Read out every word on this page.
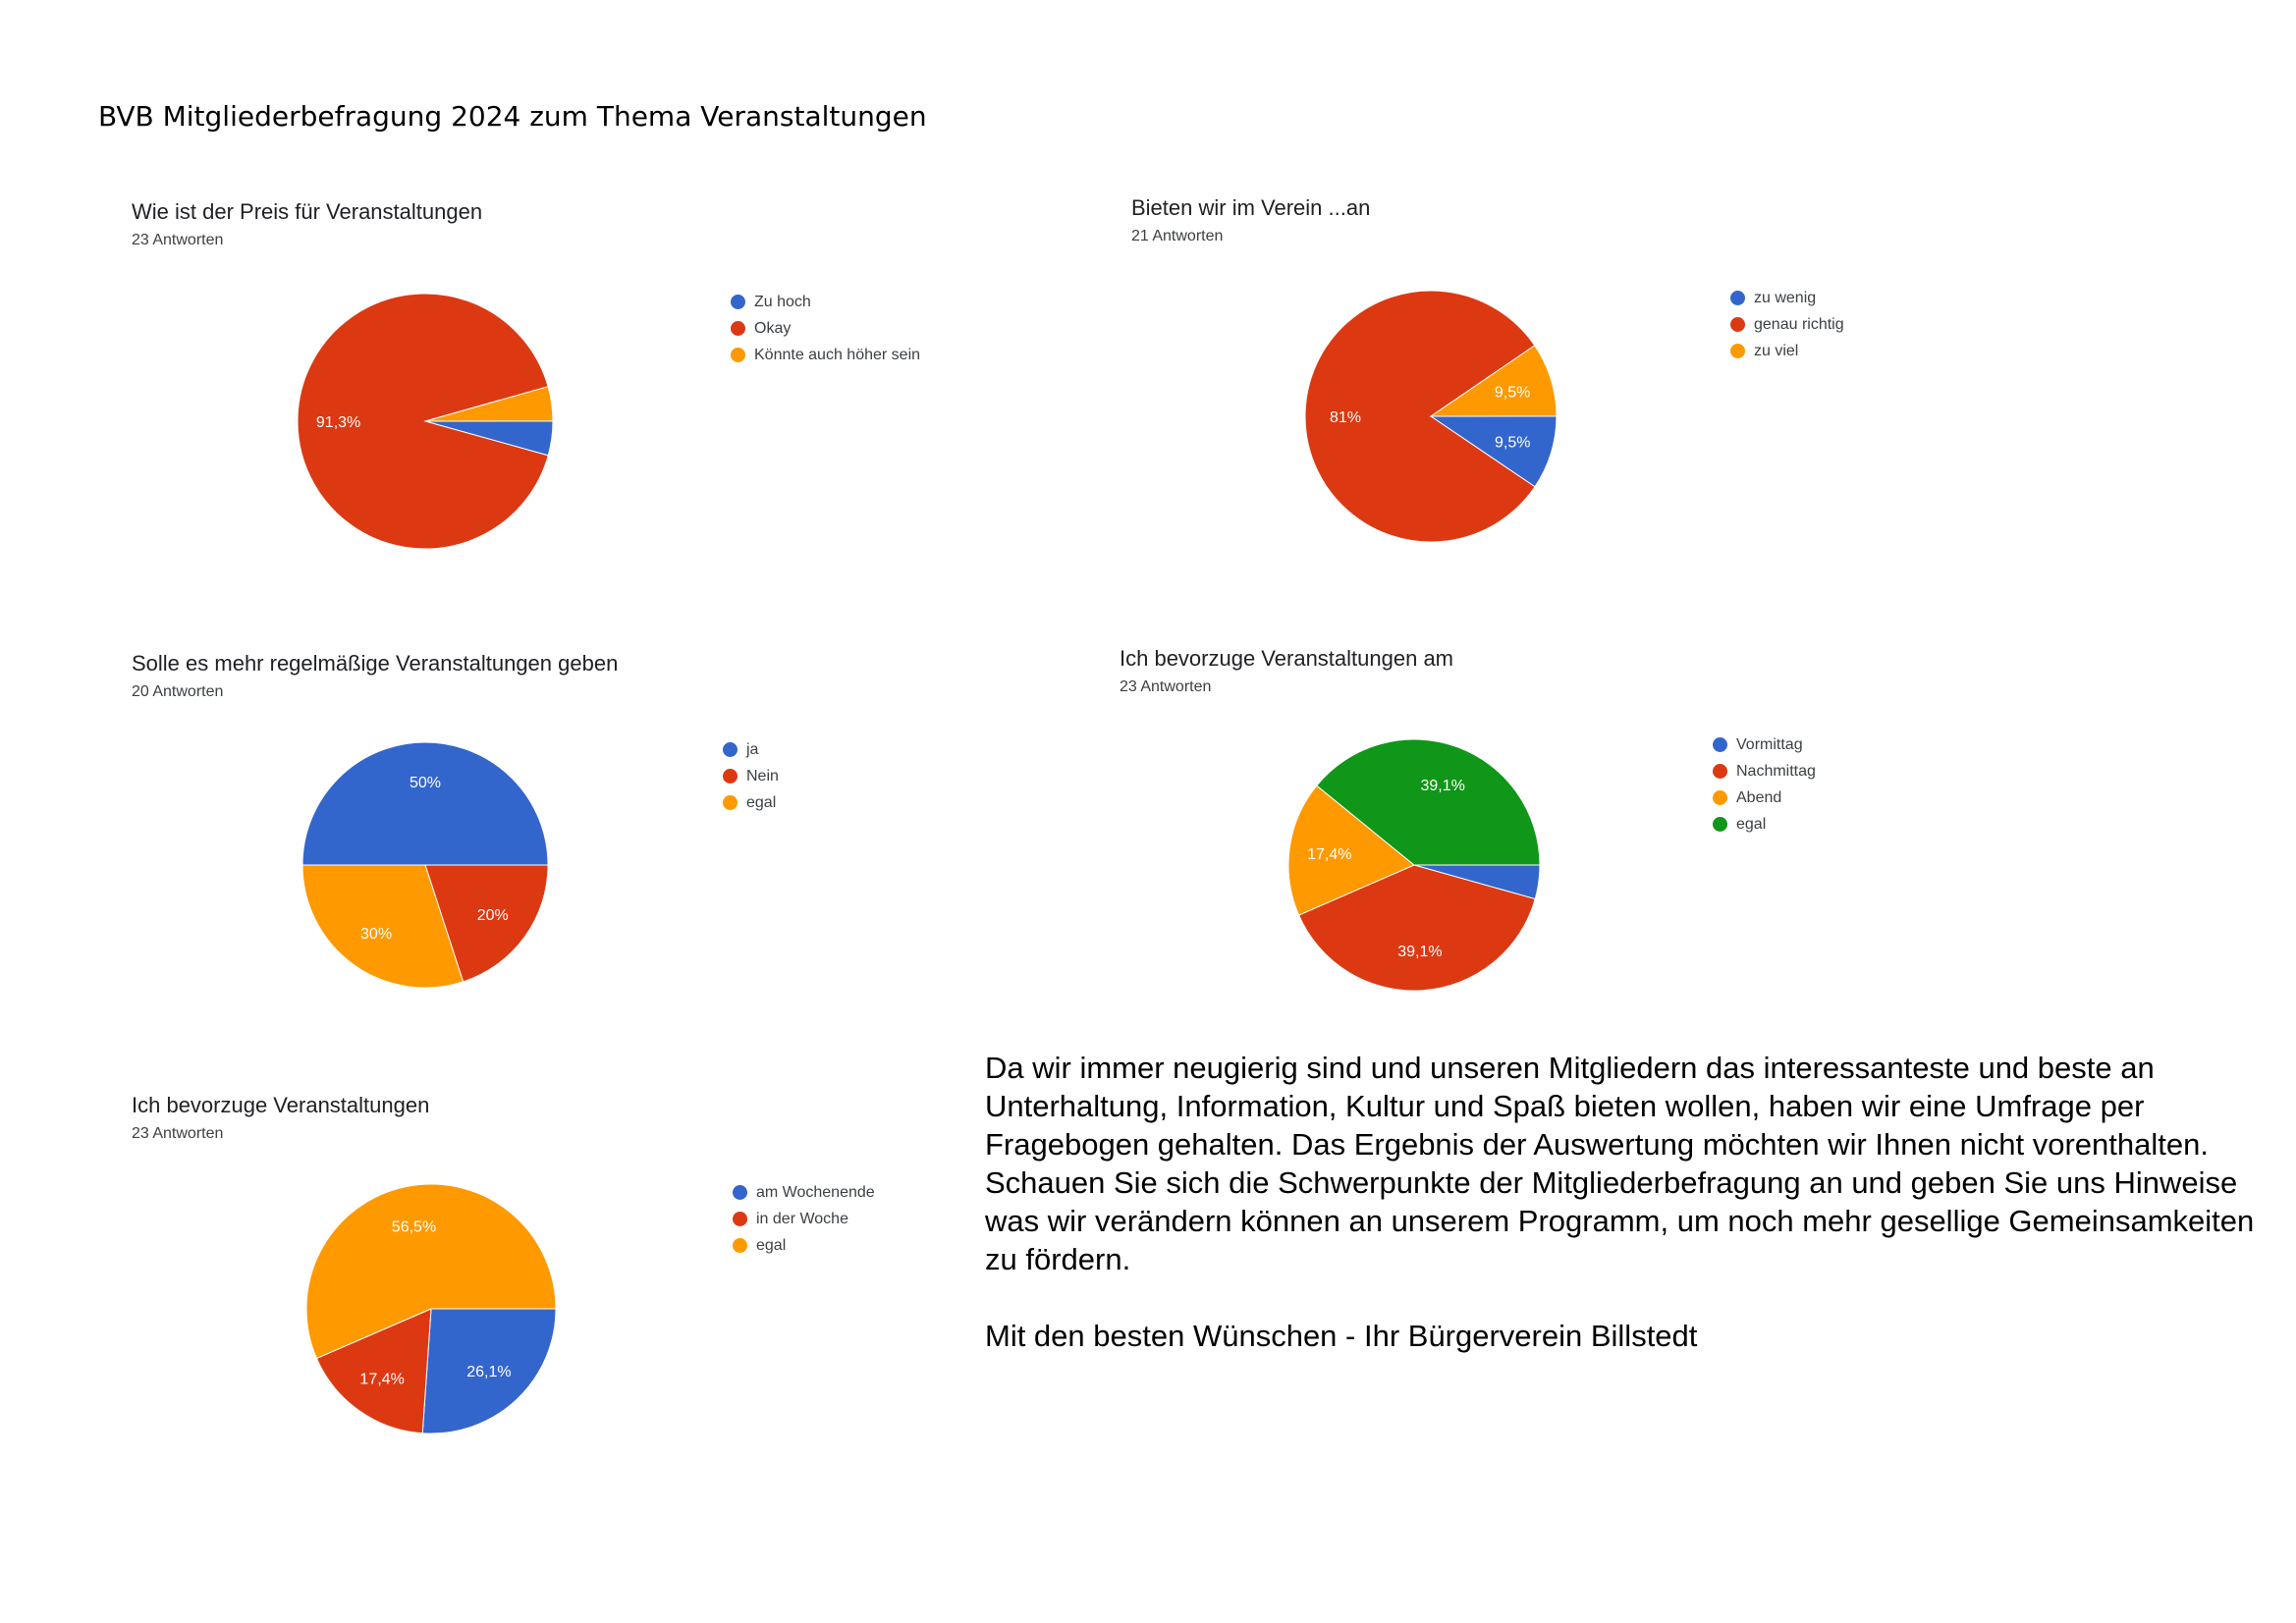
BVB Mitgliederbefragung 2024 zum Thema Veranstaltungen
Wie ist der Preis für Veranstaltungen
23 Antworten
91,3%
Zu hoch
Okay
Könnte auch höher sein
Bieten wir im Verein ...an
21 Antworten
9,5%
81%
9,5%
zu wenig
genau richtig
zu viel
Solle es mehr regelmäßige Veranstaltungen geben
20 Antworten
50%
20%
30%
ja
Nein
egal
Ich bevorzuge Veranstaltungen am
23 Antworten
39,1%
17,4%
39,1%
Vormittag
Nachmittag
Abend
egal
Ich bevorzuge Veranstaltungen
23 Antworten
26,1%
17,4%
56,5%
am Wochenende
in der Woche
egal

Da wir immer neugierig sind und unseren Mitgliedern das interessanteste und beste an Unterhaltung, Information, Kultur und Spaß bieten wollen, haben wir eine Umfrage per Fragebogen gehalten. Das Ergebnis der Auswertung möchten wir Ihnen nicht vorenthalten.

Schauen Sie sich die Schwerpunkte der Mitgliederbefragung an und geben Sie uns Hinweise was wir verändern können an unserem Programm, um noch mehr gesellige Gemeinsamkeiten zu fördern.

Mit den besten Wünschen - Ihr Bürgerverein Billstedt
